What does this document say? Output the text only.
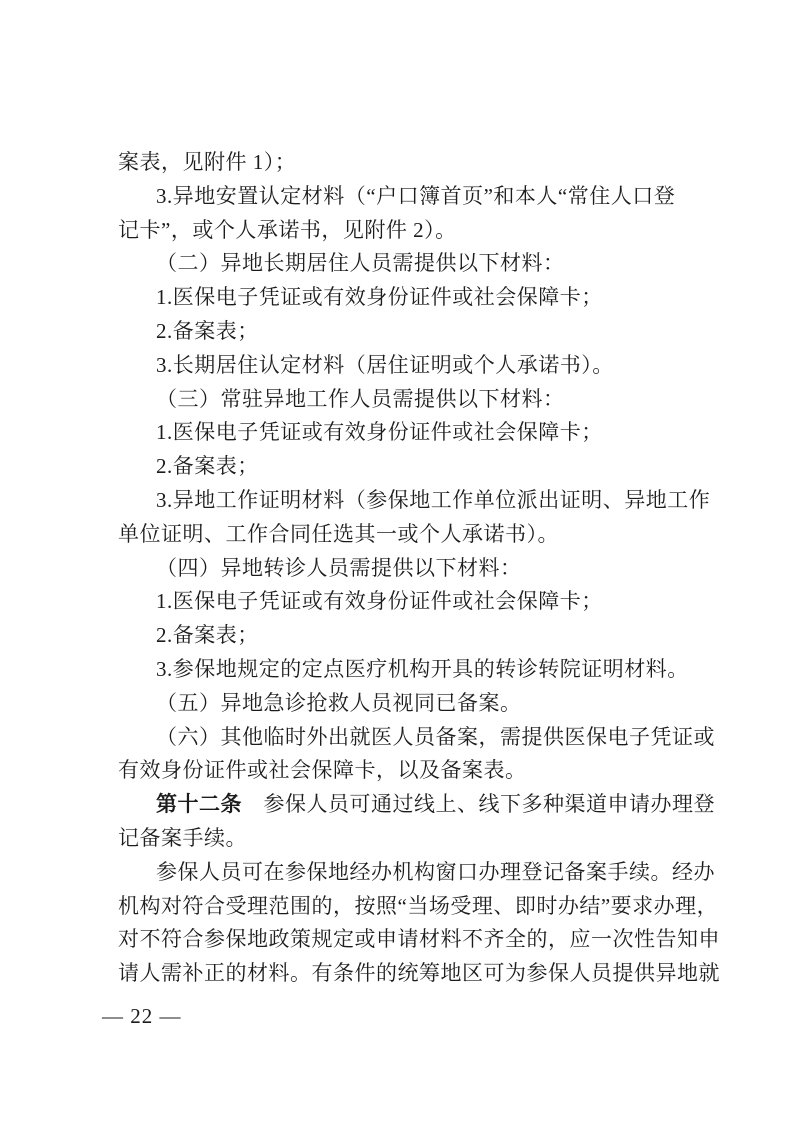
案表，见附件 1）；
3.异地安置认定材料（“户口簿首页”和本人“常住人口登
记卡”，或个人承诺书，见附件 2）。
（二）异地长期居住人员需提供以下材料：
1.医保电子凭证或有效身份证件或社会保障卡；
2.备案表；
3.长期居住认定材料（居住证明或个人承诺书）。
（三）常驻异地工作人员需提供以下材料：
1.医保电子凭证或有效身份证件或社会保障卡；
2.备案表；
3.异地工作证明材料（参保地工作单位派出证明、异地工作
单位证明、工作合同任选其一或个人承诺书）。
（四）异地转诊人员需提供以下材料：
1.医保电子凭证或有效身份证件或社会保障卡；
2.备案表；
3.参保地规定的定点医疗机构开具的转诊转院证明材料。
（五）异地急诊抢救人员视同已备案。
（六）其他临时外出就医人员备案，需提供医保电子凭证或
有效身份证件或社会保障卡，以及备案表。
第十二条　参保人员可通过线上、线下多种渠道申请办理登
记备案手续。
参保人员可在参保地经办机构窗口办理登记备案手续。经办
机构对符合受理范围的，按照“当场受理、即时办结”要求办理，
对不符合参保地政策规定或申请材料不齐全的，应一次性告知申
请人需补正的材料。有条件的统筹地区可为参保人员提供异地就
— 22 —
